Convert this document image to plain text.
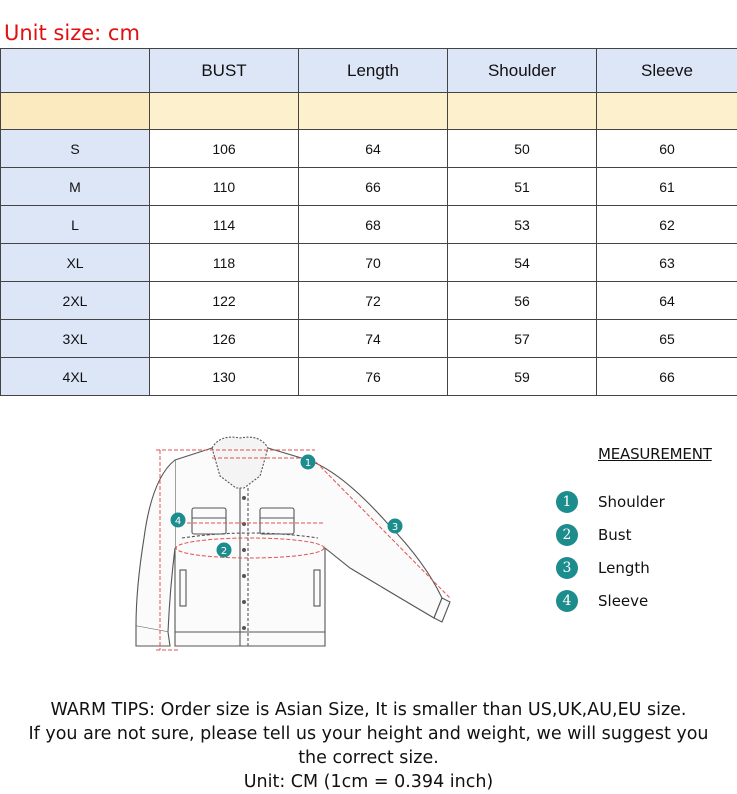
Unit size: cm
	BUST	Length	Shoulder	Sleeve

S	106	64	50	60
M	110	66	51	61
L	114	68	53	62
XL	118	70	54	63
2XL	122	72	56	64
3XL	126	74	57	65
4XL	130	76	59	66
1
2
3
4
MEASUREMENT
1	Shoulder
2	Bust
3	Length
4	Sleeve

WARM TIPS: Order size is Asian Size, It is smaller than US,UK,AU,EU size.

If you are not sure, please tell us your height and weight, we will suggest you the correct size.

Unit: CM (1cm = 0.394 inch)
